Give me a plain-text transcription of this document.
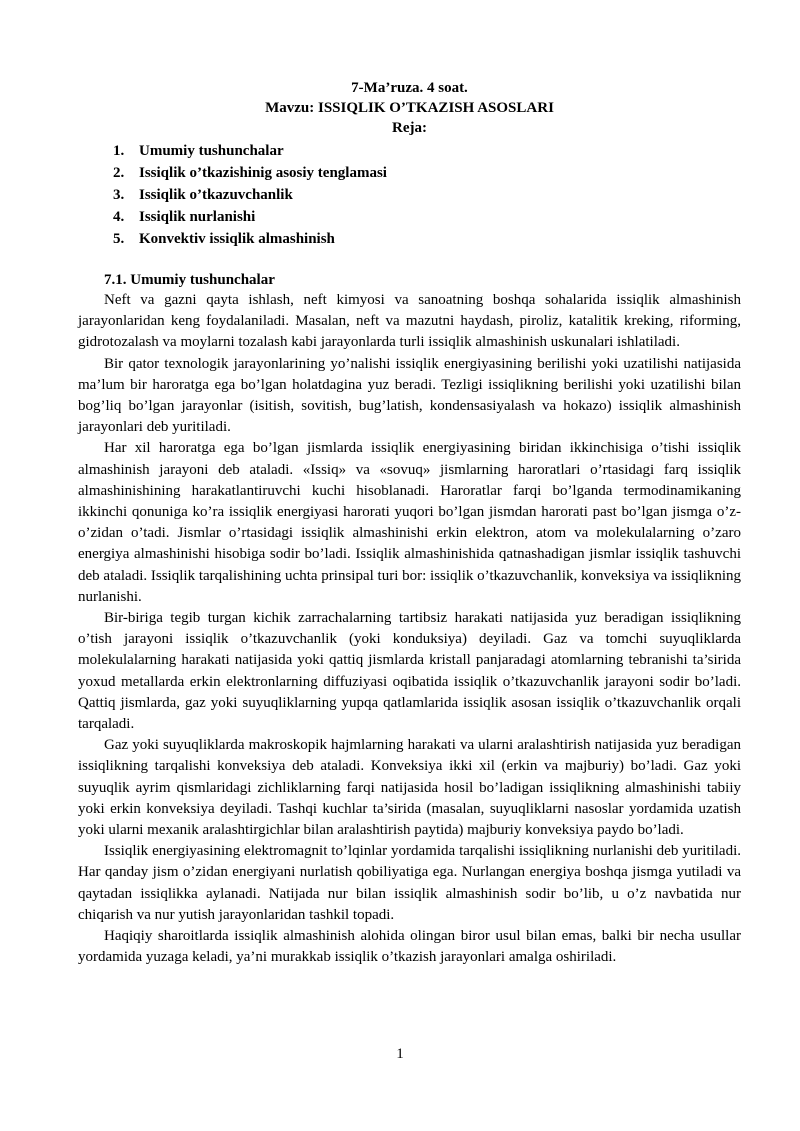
7-Ma’ruza. 4 soat.
Mavzu: ISSIQLIK O’TKAZISH ASOSLARI
Reja:
1. Umumiy tushunchalar
2. Issiqlik o’tkazishinig asosiy tenglamasi
3. Issiqlik o’tkazuvchanlik
4. Issiqlik nurlanishi
5. Konvektiv issiqlik almashinish
7.1. Umumiy tushunchalar

Neft va gazni qayta ishlash, neft kimyosi va sanoatning boshqa sohalarida issiqlik almashinish jarayonlaridan keng foydalaniladi. Masalan, neft va mazutni haydash, piroliz, katalitik kreking, riforming, gidrotozalash va moylarni tozalash kabi jarayonlarda turli issiqlik almashinish uskunalari ishlatiladi.

Bir qator texnologik jarayonlarining yo’nalishi issiqlik energiyasining berilishi yoki uzatilishi natijasida ma’lum bir haroratga ega bo’lgan holatdagina yuz beradi. Tezligi issiqlikning berilishi yoki uzatilishi bilan bog’liq bo’lgan jarayonlar (isitish, sovitish, bug’latish, kondensasiyalash va hokazo) issiqlik almashinish jarayonlari deb yuritiladi.

Har xil haroratga ega bo’lgan jismlarda issiqlik energiyasining biridan ikkinchisiga o’tishi issiqlik almashinish jarayoni deb ataladi. «Issiq» va «sovuq» jismlarning haroratlari o’rtasidagi farq issiqlik almashinishining harakatlantiruvchi kuchi hisoblanadi. Haroratlar farqi bo’lganda termodinamikaning ikkinchi qonuniga ko’ra issiqlik energiyasi harorati yuqori bo’lgan jismdan harorati past bo’lgan jismga o’z-o’zidan o’tadi. Jismlar o’rtasidagi issiqlik almashinishi erkin elektron, atom va molekulalarning o’zaro energiya almashinishi hisobiga sodir bo’ladi. Issiqlik almashinishida qatnashadigan jismlar issiqlik tashuvchi deb ataladi. Issiqlik tarqalishining uchta prinsipal turi bor: issiqlik o’tkazuvchanlik, konveksiya va issiqlikning nurlanishi.

Bir-biriga tegib turgan kichik zarrachalarning tartibsiz harakati natijasida yuz beradigan issiqlikning o’tish jarayoni issiqlik o’tkazuvchanlik (yoki konduksiya) deyiladi. Gaz va tomchi suyuqliklarda molekulalarning harakati natijasida yoki qattiq jismlarda kristall panjaradagi atomlarning tebranishi ta’sirida yoxud metallarda erkin elektronlarning diffuziyasi oqibatida issiqlik o’tkazuvchanlik jarayoni sodir bo’ladi. Qattiq jismlarda, gaz yoki suyuqliklarning yupqa qatlamlarida issiqlik asosan issiqlik o’tkazuvchanlik orqali tarqaladi.

Gaz yoki suyuqliklarda makroskopik hajmlarning harakati va ularni aralashtirish natijasida yuz beradigan issiqlikning tarqalishi konveksiya deb ataladi. Konveksiya ikki xil (erkin va majburiy) bo’ladi. Gaz yoki suyuqlik ayrim qismlaridagi zichliklarning farqi natijasida hosil bo’ladigan issiqlikning almashinishi tabiiy yoki erkin konveksiya deyiladi. Tashqi kuchlar ta’sirida (masalan, suyuqliklarni nasoslar yordamida uzatish yoki ularni mexanik aralashtirgichlar bilan aralashtirish paytida) majburiy konveksiya paydo bo’ladi.

Issiqlik energiyasining elektromagnit to’lqinlar yordamida tarqalishi issiqlikning nurlanishi deb yuritiladi. Har qanday jism o’zidan energiyani nurlatish qobiliyatiga ega. Nurlangan energiya boshqa jismga yutiladi va qaytadan issiqlikka aylanadi. Natijada nur bilan issiqlik almashinish sodir bo’lib, u o’z navbatida nur chiqarish va nur yutish jarayonlaridan tashkil topadi.

Haqiqiy sharoitlarda issiqlik almashinish alohida olingan biror usul bilan emas, balki bir necha usullar yordamida yuzaga keladi, ya’ni murakkab issiqlik o’tkazish jarayonlari amalga oshiriladi.

1
